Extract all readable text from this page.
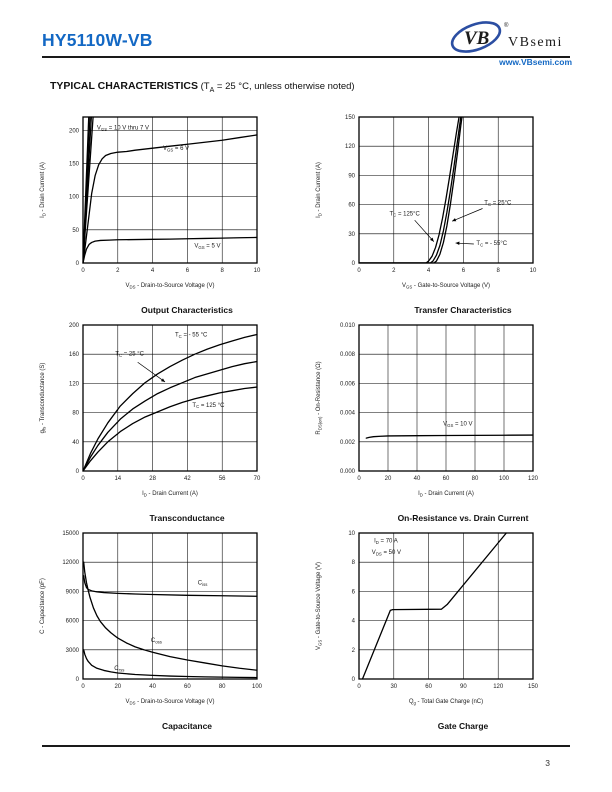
HY5110W-VB	VB
®
VBsemi
www.VBsemi.com
TYPICAL CHARACTERISTICS ($T_A = 25$ °C, unless otherwise noted)
0	2	4	6	8	10
0
50
100
150
200	$V_{GS} = 10$ V thru 7 V
$V_{GS} = 6$ V
$V_{GS} = 5$ V
$V_{DS}$ - Drain-to-Source Voltage (V)
$I_D$ - Drain Current (A)
Output Characteristics
0	2	4	6	8	10
0
30
60
90
120
150
$T_C = 125^\circ C$
$T_C = 25^\circ C$
$T_C$ = - 55°C
$V_{GS}$ - Gate-to-Source Voltage (V)
$I_D$ - Drain Current (A)
Transfer Characteristics
0	14	28	42	56	70
0
40
80
120
160
200
$T_C$ = - 55 °C
$T_C = 25$ °C
$T_C = 125$ °C
$I_D$ - Drain Current (A)
$g_{fs}$ - Transconductance (S)
Transconductance
0	20	40	60	80	100	120
0.000
0.002
0.004
0.006
0.008
0.010
$V_{GS} = 10$ V
$I_D$ - Drain Current (A)
$R_{DS(on)}$ - On-Resistance (Ω)
On-Resistance vs. Drain Current
0	20	40	60	80	100
0
3000
6000
9000
12000
15000
$C_{iss}$
$C_{oss}$
$C_{rss}$
$V_{DS}$ - Drain-to-Source Voltage (V)
C - Capacitance (pF)
Capacitance
0	30	60	90	120	150
0
2
4
6
8
10
$I_D = 70$ A
$V_{DS} = 50$ V
$Q_g$ - Total Gate Charge (nC)
$V_{GS}$ - Gate-to-Source Voltage (V)
Gate Charge
3
